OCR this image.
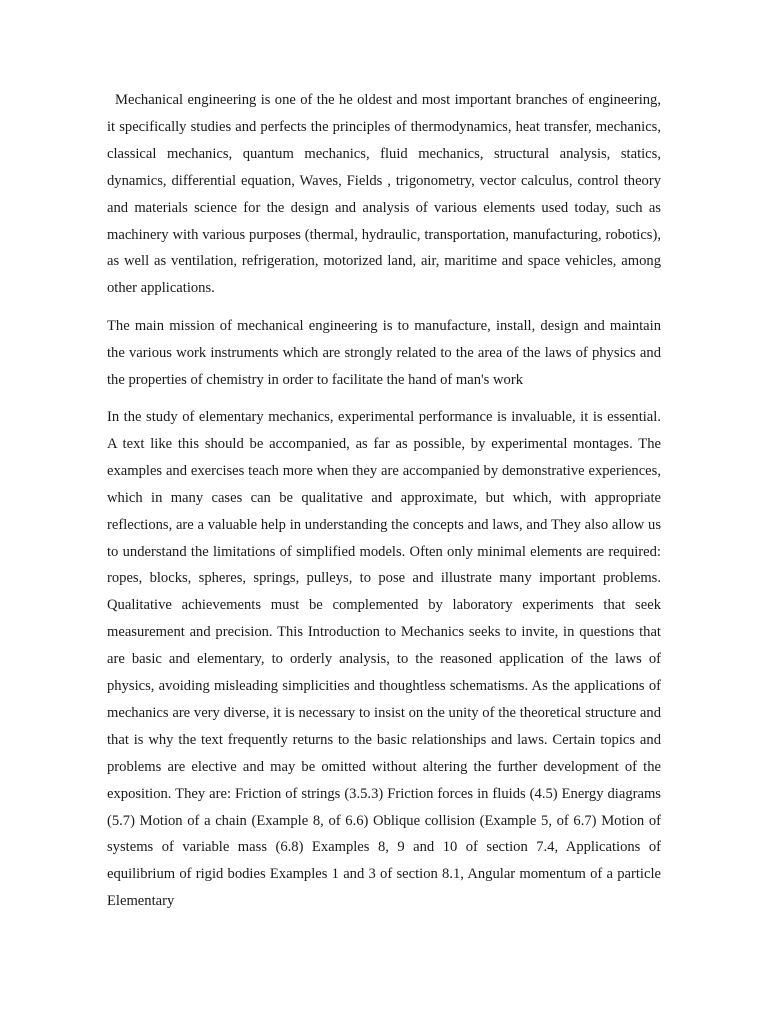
Mechanical engineering is one of the he oldest and most important branches of engineering, it specifically studies and perfects the principles of thermodynamics, heat transfer, mechanics, classical mechanics, quantum mechanics, fluid mechanics, structural analysis, statics, dynamics, differential equation, Waves, Fields , trigonometry, vector calculus, control theory and materials science for the design and analysis of various elements used today, such as machinery with various purposes (thermal, hydraulic, transportation, manufacturing, robotics), as well as ventilation, refrigeration, motorized land, air, maritime and space vehicles, among other applications.

The main mission of mechanical engineering is to manufacture, install, design and maintain the various work instruments which are strongly related to the area of the laws of physics and the properties of chemistry in order to facilitate the hand of man's work

In the study of elementary mechanics, experimental performance is invaluable, it is essential. A text like this should be accompanied, as far as possible, by experimental montages. The examples and exercises teach more when they are accompanied by demonstrative experiences, which in many cases can be qualitative and approximate, but which, with appropriate reflections, are a valuable help in understanding the concepts and laws, and They also allow us to understand the limitations of simplified models. Often only minimal elements are required: ropes, blocks, spheres, springs, pulleys, to pose and illustrate many important problems. Qualitative achievements must be complemented by laboratory experiments that seek measurement and precision. This Introduction to Mechanics seeks to invite, in questions that are basic and elementary, to orderly analysis, to the reasoned application of the laws of physics, avoiding misleading simplicities and thoughtless schematisms. As the applications of mechanics are very diverse, it is necessary to insist on the unity of the theoretical structure and that is why the text frequently returns to the basic relationships and laws. Certain topics and problems are elective and may be omitted without altering the further development of the exposition. They are: Friction of strings (3.5.3) Friction forces in fluids (4.5) Energy diagrams (5.7) Motion of a chain (Example 8, of 6.6) Oblique collision (Example 5, of 6.7) Motion of systems of variable mass (6.8) Examples 8, 9 and 10 of section 7.4, Applications of equilibrium of rigid bodies Examples 1 and 3 of section 8.1, Angular momentum of a particle Elementary
